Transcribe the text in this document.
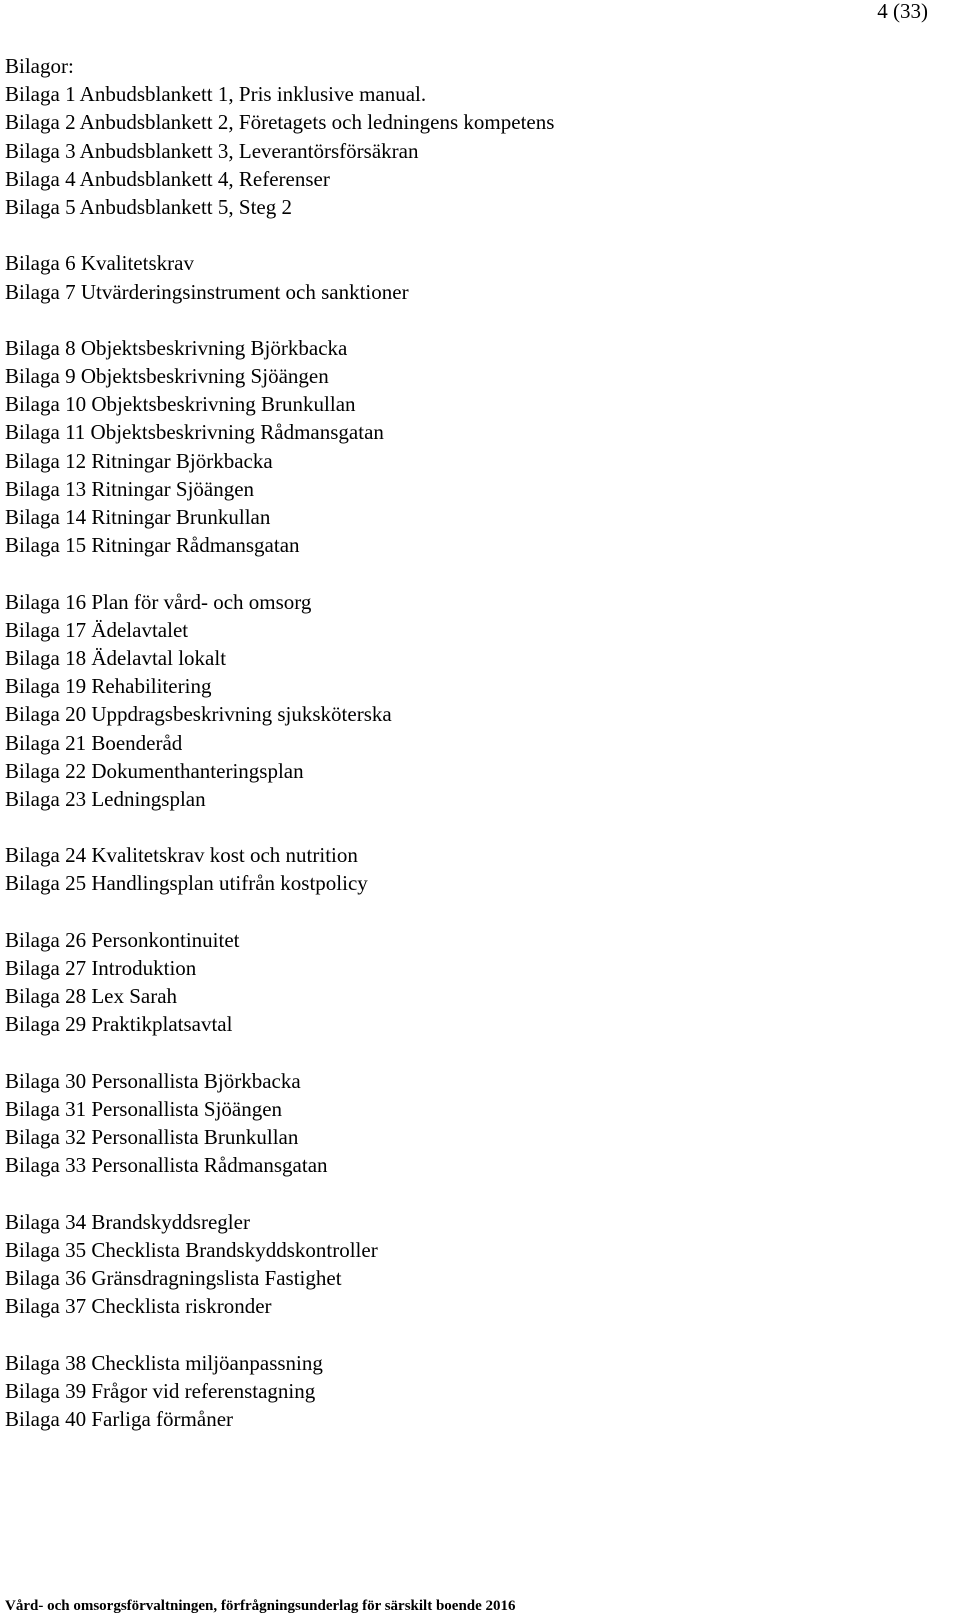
4 (33)
Bilagor:
Bilaga 1 Anbudsblankett 1, Pris inklusive manual.
Bilaga 2 Anbudsblankett 2, Företagets och ledningens kompetens
Bilaga 3 Anbudsblankett 3, Leverantörsförsäkran
Bilaga 4 Anbudsblankett 4, Referenser
Bilaga 5 Anbudsblankett 5, Steg 2
Bilaga 6 Kvalitetskrav
Bilaga 7 Utvärderingsinstrument och sanktioner
Bilaga 8 Objektsbeskrivning Björkbacka
Bilaga 9 Objektsbeskrivning Sjöängen
Bilaga 10 Objektsbeskrivning Brunkullan
Bilaga 11 Objektsbeskrivning Rådmansgatan
Bilaga 12 Ritningar Björkbacka
Bilaga 13 Ritningar Sjöängen
Bilaga 14 Ritningar Brunkullan
Bilaga 15 Ritningar Rådmansgatan
Bilaga 16 Plan för vård- och omsorg
Bilaga 17 Ädelavtalet
Bilaga 18 Ädelavtal lokalt
Bilaga 19 Rehabilitering
Bilaga 20 Uppdragsbeskrivning sjuksköterska
Bilaga 21 Boenderåd
Bilaga 22 Dokumenthanteringsplan
Bilaga 23 Ledningsplan
Bilaga 24 Kvalitetskrav kost och nutrition
Bilaga 25 Handlingsplan utifrån kostpolicy
Bilaga 26 Personkontinuitet
Bilaga 27 Introduktion
Bilaga 28 Lex Sarah
Bilaga 29 Praktikplatsavtal
Bilaga 30 Personallista Björkbacka
Bilaga 31 Personallista Sjöängen
Bilaga 32 Personallista Brunkullan
Bilaga 33 Personallista Rådmansgatan
Bilaga 34 Brandskyddsregler
Bilaga 35 Checklista Brandskyddskontroller
Bilaga 36 Gränsdragningslista Fastighet
Bilaga 37 Checklista riskronder
Bilaga 38 Checklista miljöanpassning
Bilaga 39 Frågor vid referenstagning
Bilaga 40 Farliga förmåner
Vård- och omsorgsförvaltningen, förfrågningsunderlag för särskilt boende 2016
